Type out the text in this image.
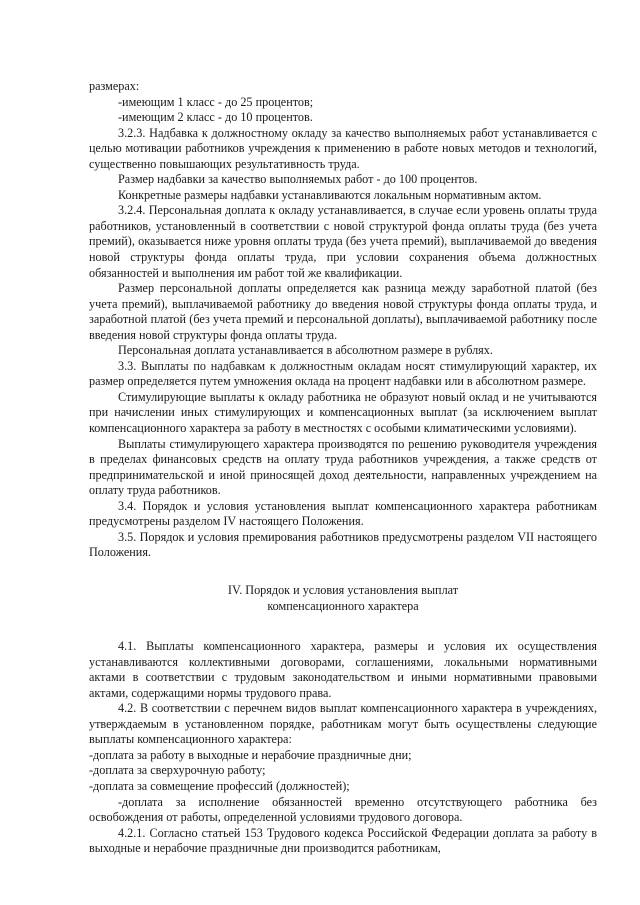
размерах:

-имеющим 1 класс - до 25 процентов;

-имеющим 2 класс - до 10 процентов.

3.2.3. Надбавка к должностному окладу за качество выполняемых работ устанавливается с целью мотивации работников учреждения к применению в работе новых методов и технологий, существенно повышающих результативность труда.

Размер надбавки за качество выполняемых работ - до 100 процентов.

Конкретные размеры надбавки устанавливаются локальным нормативным актом.

3.2.4. Персональная доплата к окладу устанавливается, в случае если уровень оплаты труда работников, установленный в соответствии с новой структурой фонда оплаты труда (без учета премий), оказывается ниже уровня оплаты труда (без учета премий), выплачиваемой до введения новой структуры фонда оплаты труда, при условии сохранения объема должностных обязанностей и выполнения им работ той же квалификации.

Размер персональной доплаты определяется как разница между заработной платой (без учета премий), выплачиваемой работнику до введения новой структуры фонда оплаты труда, и заработной платой (без учета премий и персональной доплаты), выплачиваемой работнику после введения новой структуры фонда оплаты труда.

Персональная доплата устанавливается в абсолютном размере в рублях.

3.3. Выплаты по надбавкам к должностным окладам носят стимулирующий характер, их размер определяется путем умножения оклада на процент надбавки или в абсолютном размере.

Стимулирующие выплаты к окладу работника не образуют новый оклад и не учитываются при начислении иных стимулирующих и компенсационных выплат (за исключением выплат компенсационного характера за работу в местностях с особыми климатическими условиями).

Выплаты стимулирующего характера производятся по решению руководителя учреждения в пределах финансовых средств на оплату труда работников учреждения, а также средств от предпринимательской и иной приносящей доход деятельности, направленных учреждением на оплату труда работников.

3.4. Порядок и условия установления выплат компенсационного характера работникам предусмотрены разделом IV настоящего Положения.

3.5. Порядок и условия премирования работников предусмотрены разделом VII настоящего Положения.

IV. Порядок и условия установления выплат

компенсационного характера

4.1. Выплаты компенсационного характера, размеры и условия их осуществления устанавливаются коллективными договорами, соглашениями, локальными нормативными актами в соответствии с трудовым законодательством и иными нормативными правовыми актами, содержащими нормы трудового права.

4.2. В соответствии с перечнем видов выплат компенсационного характера в учреждениях, утверждаемым в установленном порядке, работникам могут быть осуществлены следующие выплаты компенсационного характера:

-доплата за работу в выходные и нерабочие праздничные дни;

-доплата за сверхурочную работу;

-доплата за совмещение профессий (должностей);

-доплата за исполнение обязанностей временно отсутствующего работника без освобождения от работы, определенной условиями трудового договора.

4.2.1. Согласно статьей 153 Трудового кодекса Российской Федерации доплата за работу в выходные и нерабочие праздничные дни производится работникам,
